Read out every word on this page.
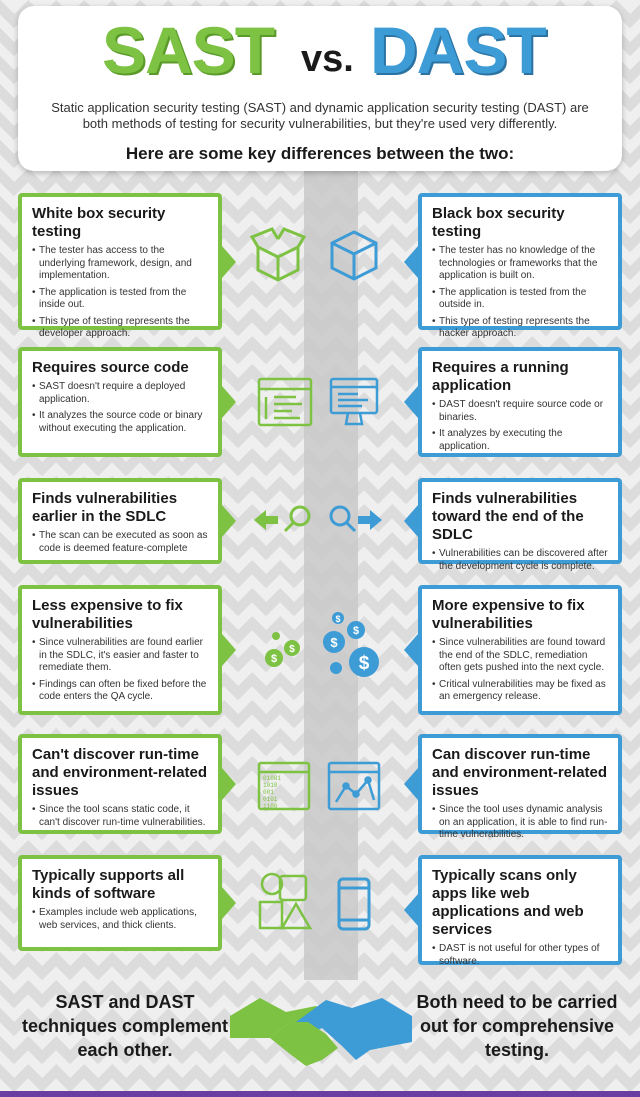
SAST vs. DAST

Static application security testing (SAST) and dynamic application security testing (DAST) are both methods of testing for security vulnerabilities, but they're used very differently.

Here are some key differences between the two:

White box security testing
• The tester has access to the underlying framework, design, and implementation.
• The application is tested from the inside out.
• This type of testing represents the developer approach.
Black box security testing
• The tester has no knowledge of the technologies or frameworks that the application is built on.
• The application is tested from the outside in.
• This type of testing represents the hacker approach.
Requires source code
• SAST doesn't require a deployed application.
• It analyzes the source code or binary without executing the application.
Requires a running application
• DAST doesn't require source code or binaries.
• It analyzes by executing the application.
Finds vulnerabilities earlier in the SDLC
• The scan can be executed as soon as code is deemed feature-complete
Finds vulnerabilities toward the end of the SDLC
• Vulnerabilities can be discovered after the development cycle is complete.
Less expensive to fix vulnerabilities
• Since vulnerabilities are found earlier in the SDLC, it's easier and faster to remediate them.
• Findings can often be fixed before the code enters the QA cycle.
More expensive to fix vulnerabilities
• Since vulnerabilities are found toward the end of the SDLC, remediation often gets pushed into the next cycle.
• Critical vulnerabilities may be fixed as an emergency release.
$
$
$
$
$
$
Can't discover run-time and environment-related issues
• Since the tool scans static code, it can't discover run-time vulnerabilities.
Can discover run-time and environment-related issues
• Since the tool uses dynamic analysis on an application, it is able to find run-time vulnerabilities.
01001
1010
001
0101
1100
Typically supports all kinds of software
• Examples include web applications, web services, and thick clients.
Typically scans only apps like web applications and web services
• DAST is not useful for other types of software.

SAST and DAST techniques complement each other.

Both need to be carried out for comprehensive testing.
